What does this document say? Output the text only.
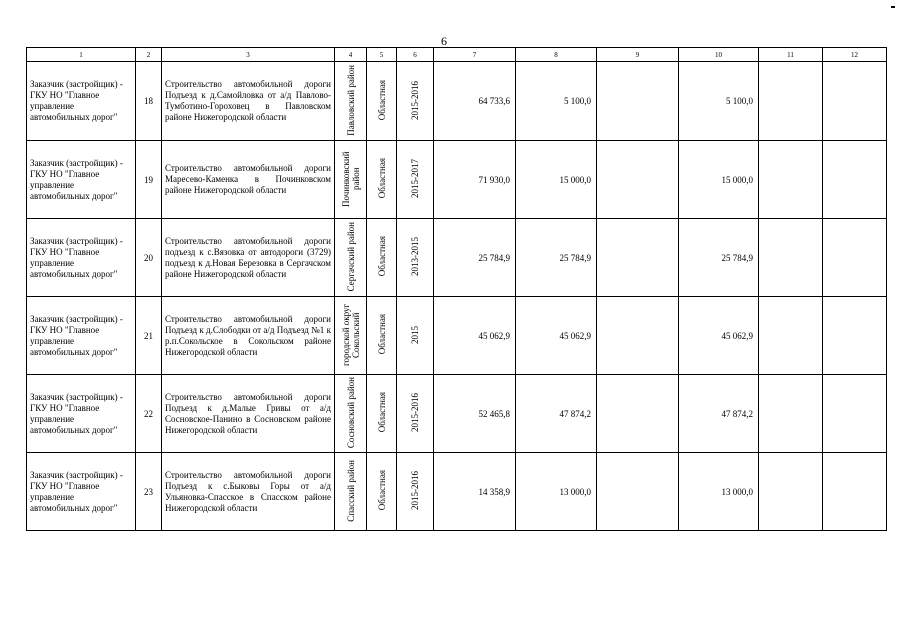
6
1	2	3	4	5	6	7	8	9	10	11	12
Заказчик (застройщик) - ГКУ НО "Главное управление автомобильных дорог"	18	Строительство автомобильной дороги Подъезд к д.Самойловка от а/д Павлово-Тумботино-Гороховец в Павловском районе Нижегородской области	Павловский район	Областная	2015-2016	64 733,6	5 100,0		5 100,0		
Заказчик (застройщик) - ГКУ НО "Главное управление автомобильных дорог"	19	Строительство автомобильной дороги Маресево-Каменка в Починковском районе Нижегородской области	Починковский район	Областная	2015-2017	71 930,0	15 000,0		15 000,0		
Заказчик (застройщик) - ГКУ НО "Главное управление автомобильных дорог"	20	Строительство автомобильной дороги подъезд к с.Вязовка от автодороги (3729) подъезд к д.Новая Березовка в Сергачском районе Нижегородской области	Сергачский район	Областная	2013-2015	25 784,9	25 784,9		25 784,9		
Заказчик (застройщик) - ГКУ НО "Главное управление автомобильных дорог"	21	Строительство автомобильной дороги Подъезд к д.Слободки от а/д Подъезд №1 к р.п.Сокольское в Сокольском районе Нижегородской области	городской округ Сокольский	Областная	2015	45 062,9	45 062,9		45 062,9		
Заказчик (застройщик) - ГКУ НО "Главное управление автомобильных дорог"	22	Строительство автомобильной дороги Подъезд к д.Малые Гривы от а/д Сосновское-Панино в Сосновском районе Нижегородской области	Сосновский район	Областная	2015-2016	52 465,8	47 874,2		47 874,2		
Заказчик (застройщик) - ГКУ НО "Главное управление автомобильных дорог"	23	Строительство автомобильной дороги Подъезд к с.Быковы Горы от а/д Ульяновка-Спасское в Спасском районе Нижегородской области	Спасский район	Областная	2015-2016	14 358,9	13 000,0		13 000,0		
